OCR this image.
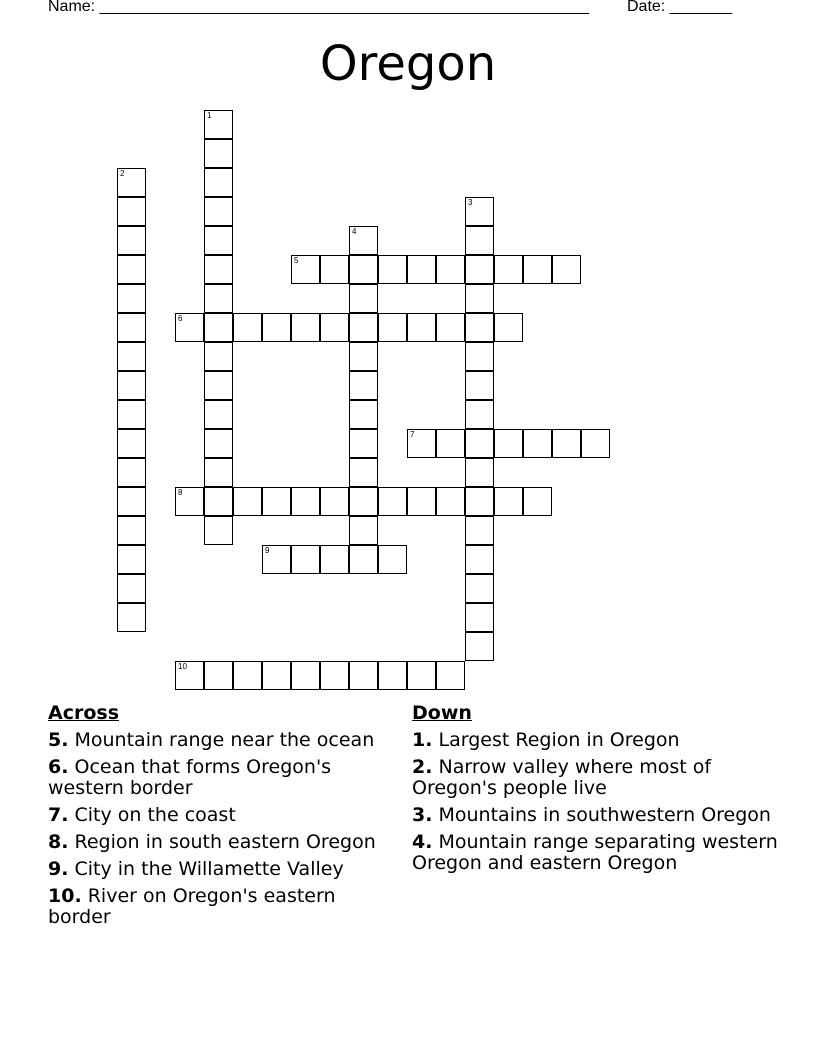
Name: _______________________________________________________ Date: _______
Oregon
1
2
3
4
5
6
7
8
9
10
Across
5. Mountain range near the ocean
6. Ocean that forms Oregon's western border
7. City on the coast
8. Region in south eastern Oregon
9. City in the Willamette Valley
10. River on Oregon's eastern border
Down
1. Largest Region in Oregon
2. Narrow valley where most of Oregon's people live
3. Mountains in southwestern Oregon
4. Mountain range separating western Oregon and eastern Oregon
